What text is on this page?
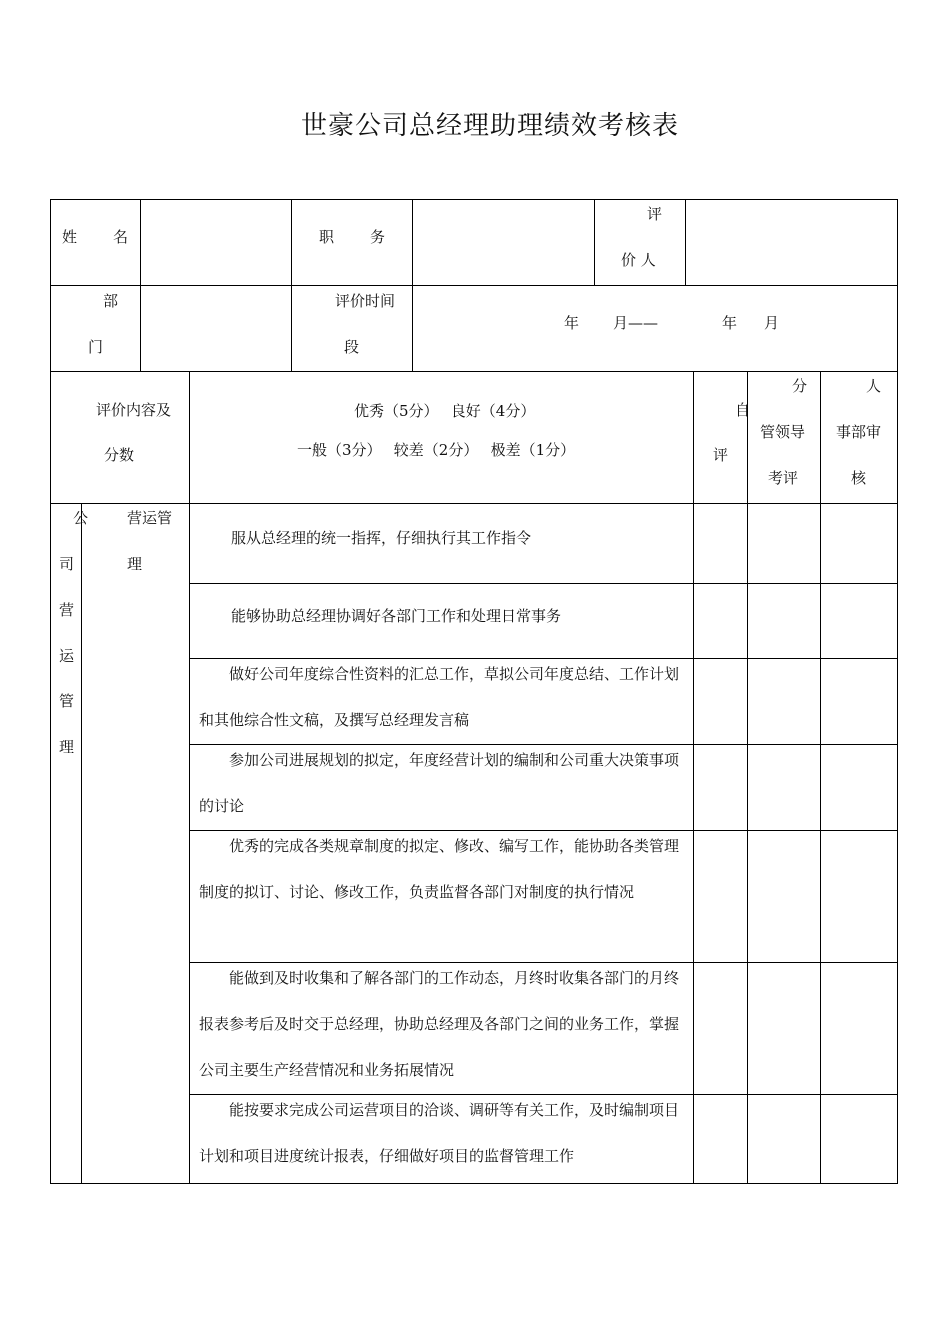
世豪公司总经理助理绩效考核表
姓 名	职 务
评
价 人
部
门
评价时间
段
年 月——	年 月
评价内容及
分数
优秀（5分）　 良好（4分）
一般（3分）　 较差（2分）　 极差（1分）
自
评
分
管领导
考评
人
事部审
核
公
司
营
运
管
理
营运管
理
服从总经理的统一指挥，仔细执行其工作指令
能够协助总经理协调好各部门工作和处理日常事务
做好公司年度综合性资料的汇总工作，草拟公司年度总结、工作计划和其他综合性文稿，及撰写总经理发言稿
参加公司进展规划的拟定，年度经营计划的编制和公司重大决策事项的讨论
优秀的完成各类规章制度的拟定、修改、编写工作，能协助各类管理制度的拟订、讨论、修改工作，负责监督各部门对制度的执行情况
能做到及时收集和了解各部门的工作动态，月终时收集各部门的月终报表参考后及时交于总经理，协助总经理及各部门之间的业务工作，掌握公司主要生产经营情况和业务拓展情况
能按要求完成公司运营项目的洽谈、调研等有关工作，及时编制项目计划和项目进度统计报表，仔细做好项目的监督管理工作
